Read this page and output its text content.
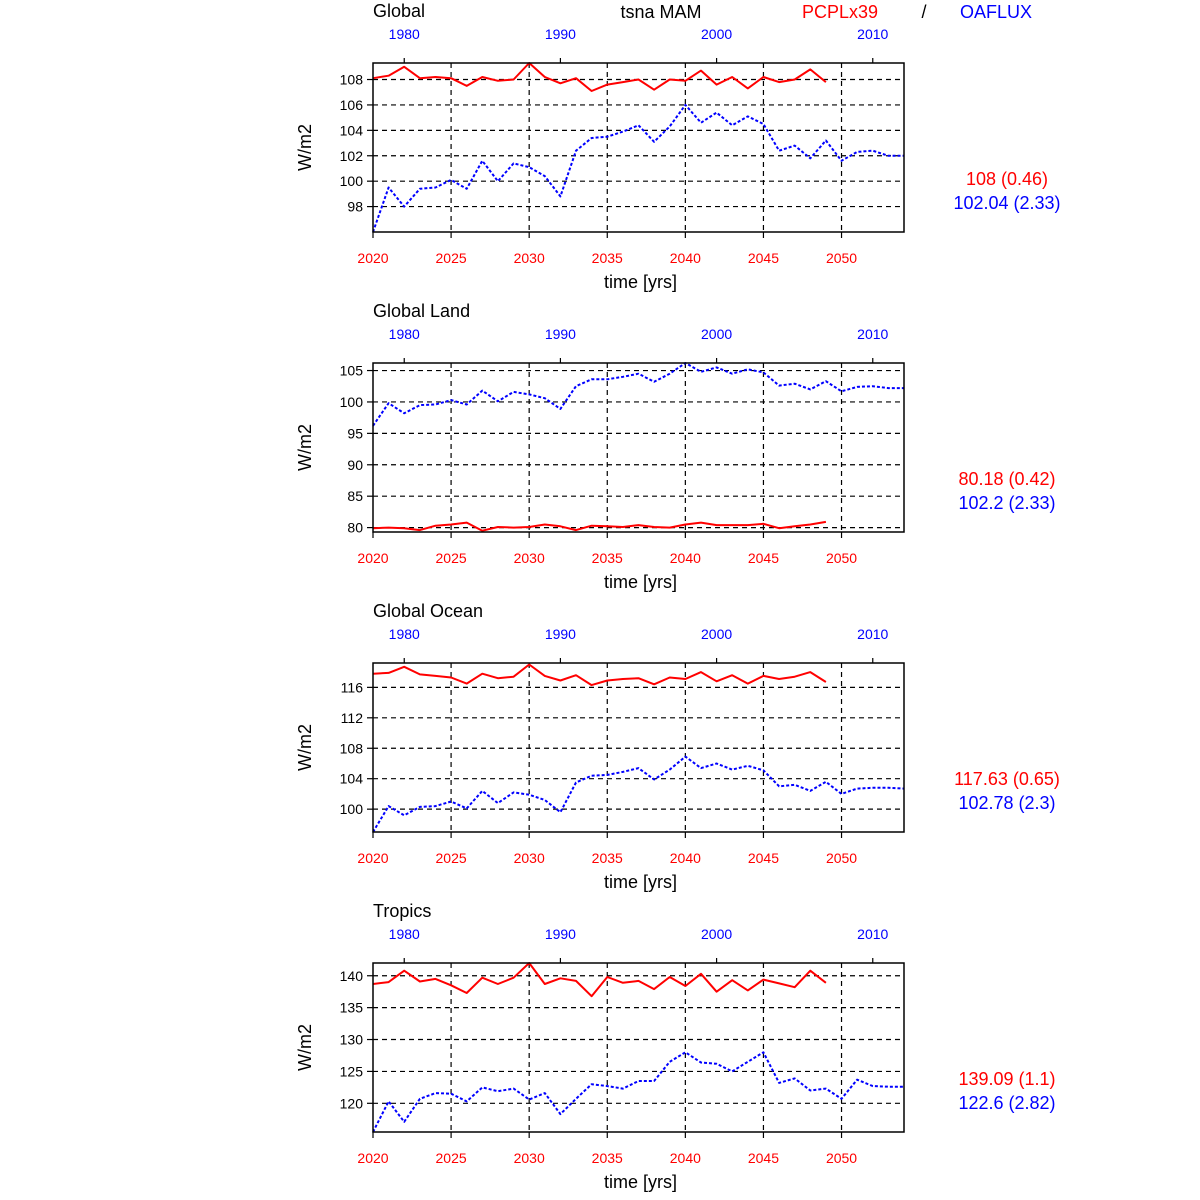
tsna MAM	PCPLx39 / OAFLUX
98
100
102
104
106
108
2020	2025	2030	2035	2040	2045	2050
1980	1990	2000	2010
Global
time [yrs]
W/m2
108 (0.46)
102.04 (2.33)
80
85
90
95
100
105
2020	2025	2030	2035	2040	2045	2050
1980	1990	2000	2010
Global Land
time [yrs]
W/m2
80.18 (0.42)
102.2 (2.33)
100
104
108
112
116
2020	2025	2030	2035	2040	2045	2050
1980	1990	2000	2010
Global Ocean
time [yrs]
W/m2
117.63 (0.65)
102.78 (2.3)
120
125
130
135
140
2020	2025	2030	2035	2040	2045	2050
1980	1990	2000	2010
Tropics
time [yrs]
W/m2
139.09 (1.1)
122.6 (2.82)
